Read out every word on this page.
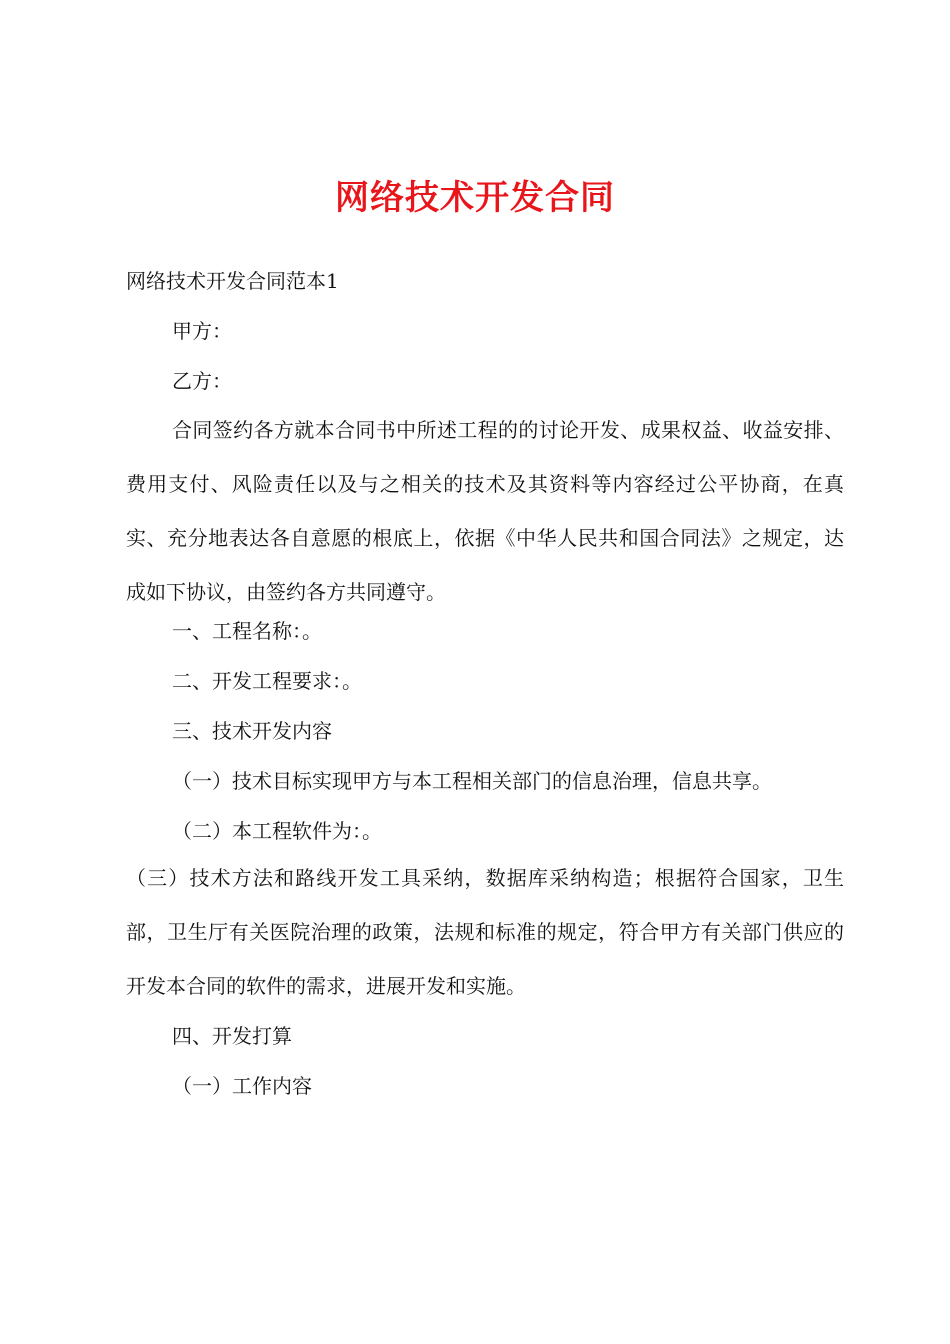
网络技术开发合同
网络技术开发合同范本1
甲方：
乙方：
合同签约各方就本合同书中所述工程的的讨论开发、成果权益、收益安排、费用支付、风险责任以及与之相关的技术及其资料等内容经过公平协商，在真实、充分地表达各自意愿的根底上，依据《中华人民共和国合同法》之规定，达成如下协议，由签约各方共同遵守。
一、工程名称：。
二、开发工程要求：。
三、技术开发内容
（一）技术目标实现甲方与本工程相关部门的信息治理，信息共享。
（二）本工程软件为：。
（三）技术方法和路线开发工具采纳，数据库采纳构造；根据符合国家，卫生部，卫生厅有关医院治理的政策，法规和标准的规定，符合甲方有关部门供应的开发本合同的软件的需求，进展开发和实施。
四、开发打算
（一）工作内容
